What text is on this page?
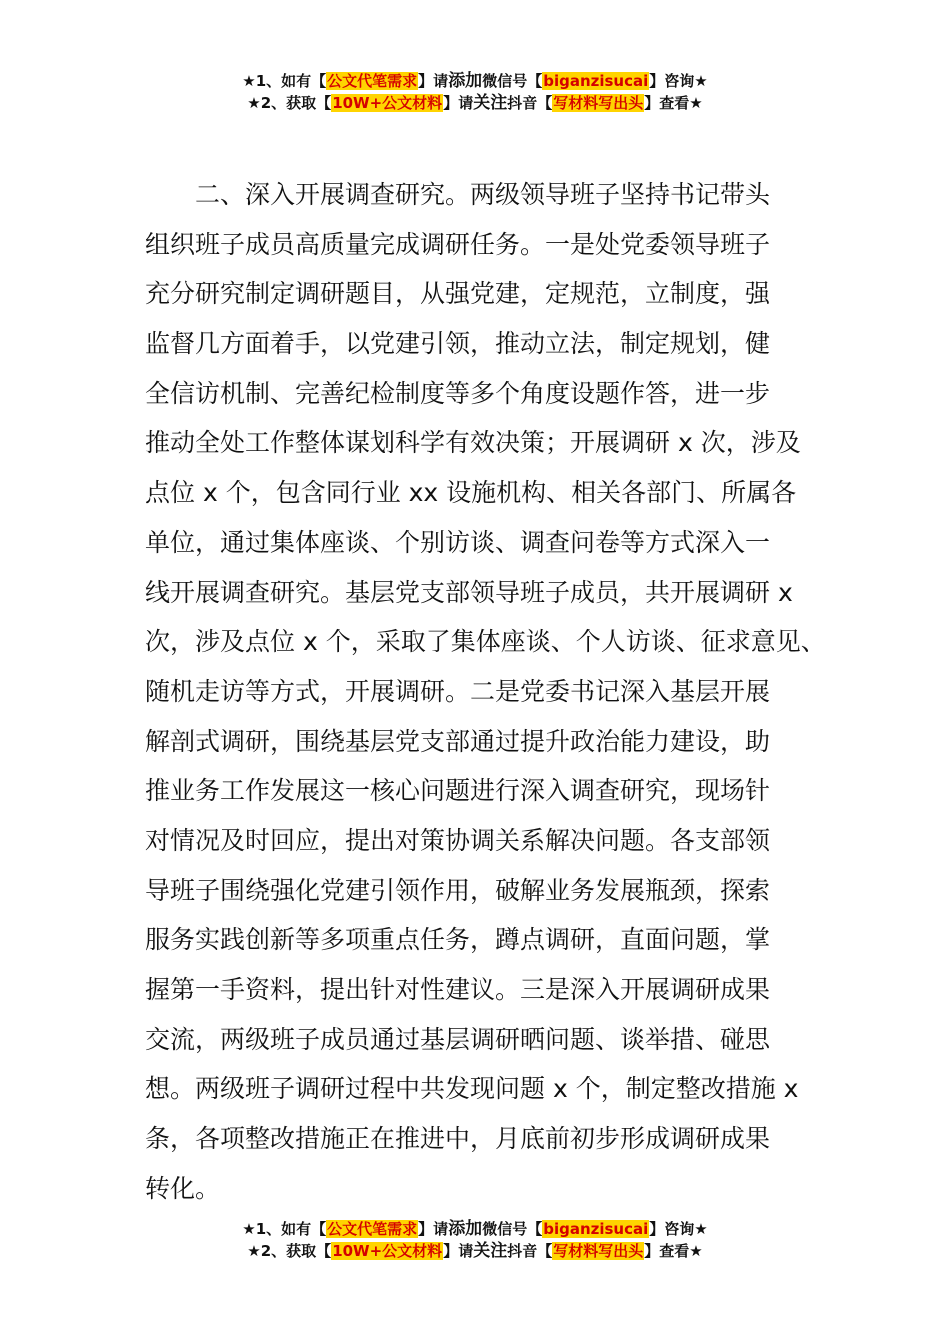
★1、如有【公文代笔需求】请添加微信号【biganzisucai】咨询★
★2、获取【10W+公文材料】请关注抖音【写材料写出头】查看★
　　二、深入开展调查研究。两级领导班子坚持书记带头
组织班子成员高质量完成调研任务。一是处党委领导班子
充分研究制定调研题目，从强党建，定规范，立制度，强
监督几方面着手，以党建引领，推动立法，制定规划，健
全信访机制、完善纪检制度等多个角度设题作答，进一步
推动全处工作整体谋划科学有效决策；开展调研 x 次，涉及
点位 x 个，包含同行业 xx 设施机构、相关各部门、所属各
单位，通过集体座谈、个别访谈、调查问卷等方式深入一
线开展调查研究。基层党支部领导班子成员，共开展调研 x
次，涉及点位 x 个，采取了集体座谈、个人访谈、征求意见、
随机走访等方式，开展调研。二是党委书记深入基层开展
解剖式调研，围绕基层党支部通过提升政治能力建设，助
推业务工作发展这一核心问题进行深入调查研究，现场针
对情况及时回应，提出对策协调关系解决问题。各支部领
导班子围绕强化党建引领作用，破解业务发展瓶颈，探索
服务实践创新等多项重点任务，蹲点调研，直面问题，掌
握第一手资料，提出针对性建议。三是深入开展调研成果
交流，两级班子成员通过基层调研晒问题、谈举措、碰思
想。两级班子调研过程中共发现问题 x 个，制定整改措施 x
条，各项整改措施正在推进中，月底前初步形成调研成果
转化。
★1、如有【公文代笔需求】请添加微信号【biganzisucai】咨询★
★2、获取【10W+公文材料】请关注抖音【写材料写出头】查看★
